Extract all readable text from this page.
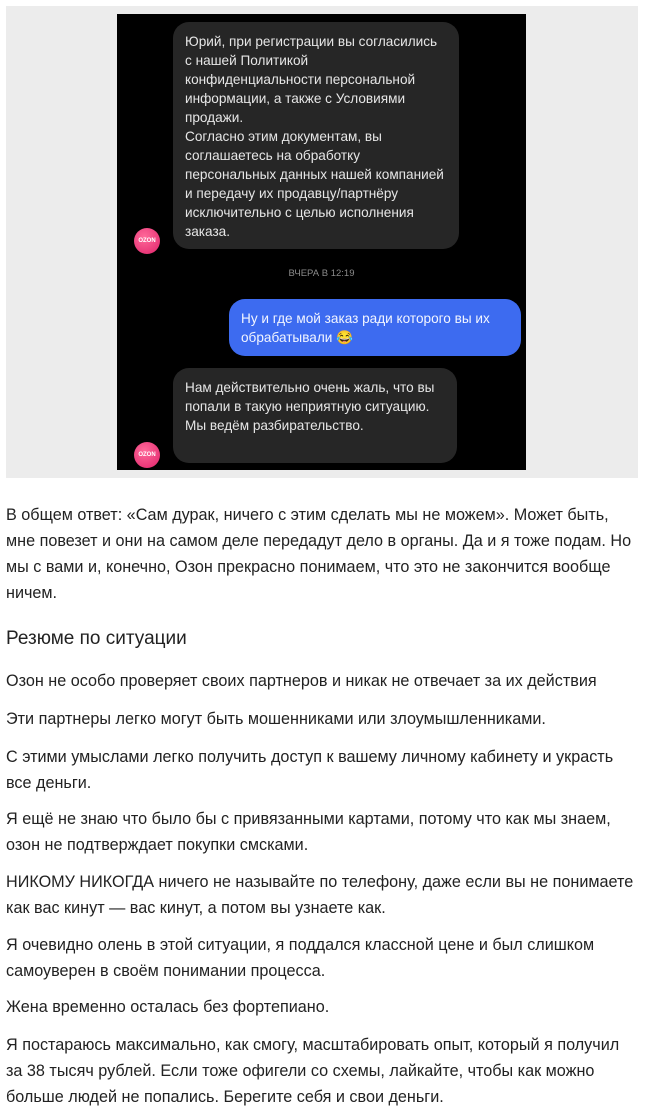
Юрий, при регистрации вы согласились с нашей Политикой конфиденциальности персональной информации, а также с Условиями продажи.
Согласно этим документам, вы соглашаетесь на обработку персональных данных нашей компанией и передачу их продавцу/партнёру исключительно с целью исполнения заказа.
OZON
ВЧЕРА В 12:19
Ну и где мой заказ ради которого вы их обрабатывали 😂
Нам действительно очень жаль, что вы попали в такую неприятную ситуацию. Мы ведём разбирательство.
OZON

В общем ответ: «Сам дурак, ничего с этим сделать мы не можем». Может быть, мне повезет и они на самом деле передадут дело в органы. Да и я тоже подам. Но мы с вами и, конечно, Озон прекрасно понимаем, что это не закончится вообще ничем.

Резюме по ситуации

Озон не особо проверяет своих партнеров и никак не отвечает за их действия

Эти партнеры легко могут быть мошенниками или злоумышленниками.

С этими умыслами легко получить доступ к вашему личному кабинету и украсть все деньги.

Я ещё не знаю что было бы с привязанными картами, потому что как мы знаем, озон не подтверждает покупки смсками.

НИКОМУ НИКОГДА ничего не называйте по телефону, даже если вы не понимаете как вас кинут — вас кинут, а потом вы узнаете как.

Я очевидно олень в этой ситуации, я поддался классной цене и был слишком самоуверен в своём понимании процесса.

Жена временно осталась без фортепиано.

Я постараюсь максимально, как смогу, масштабировать опыт, который я получил за 38 тысяч рублей. Если тоже офигели со схемы, лайкайте, чтобы как можно больше людей не попались. Берегите себя и свои деньги.
